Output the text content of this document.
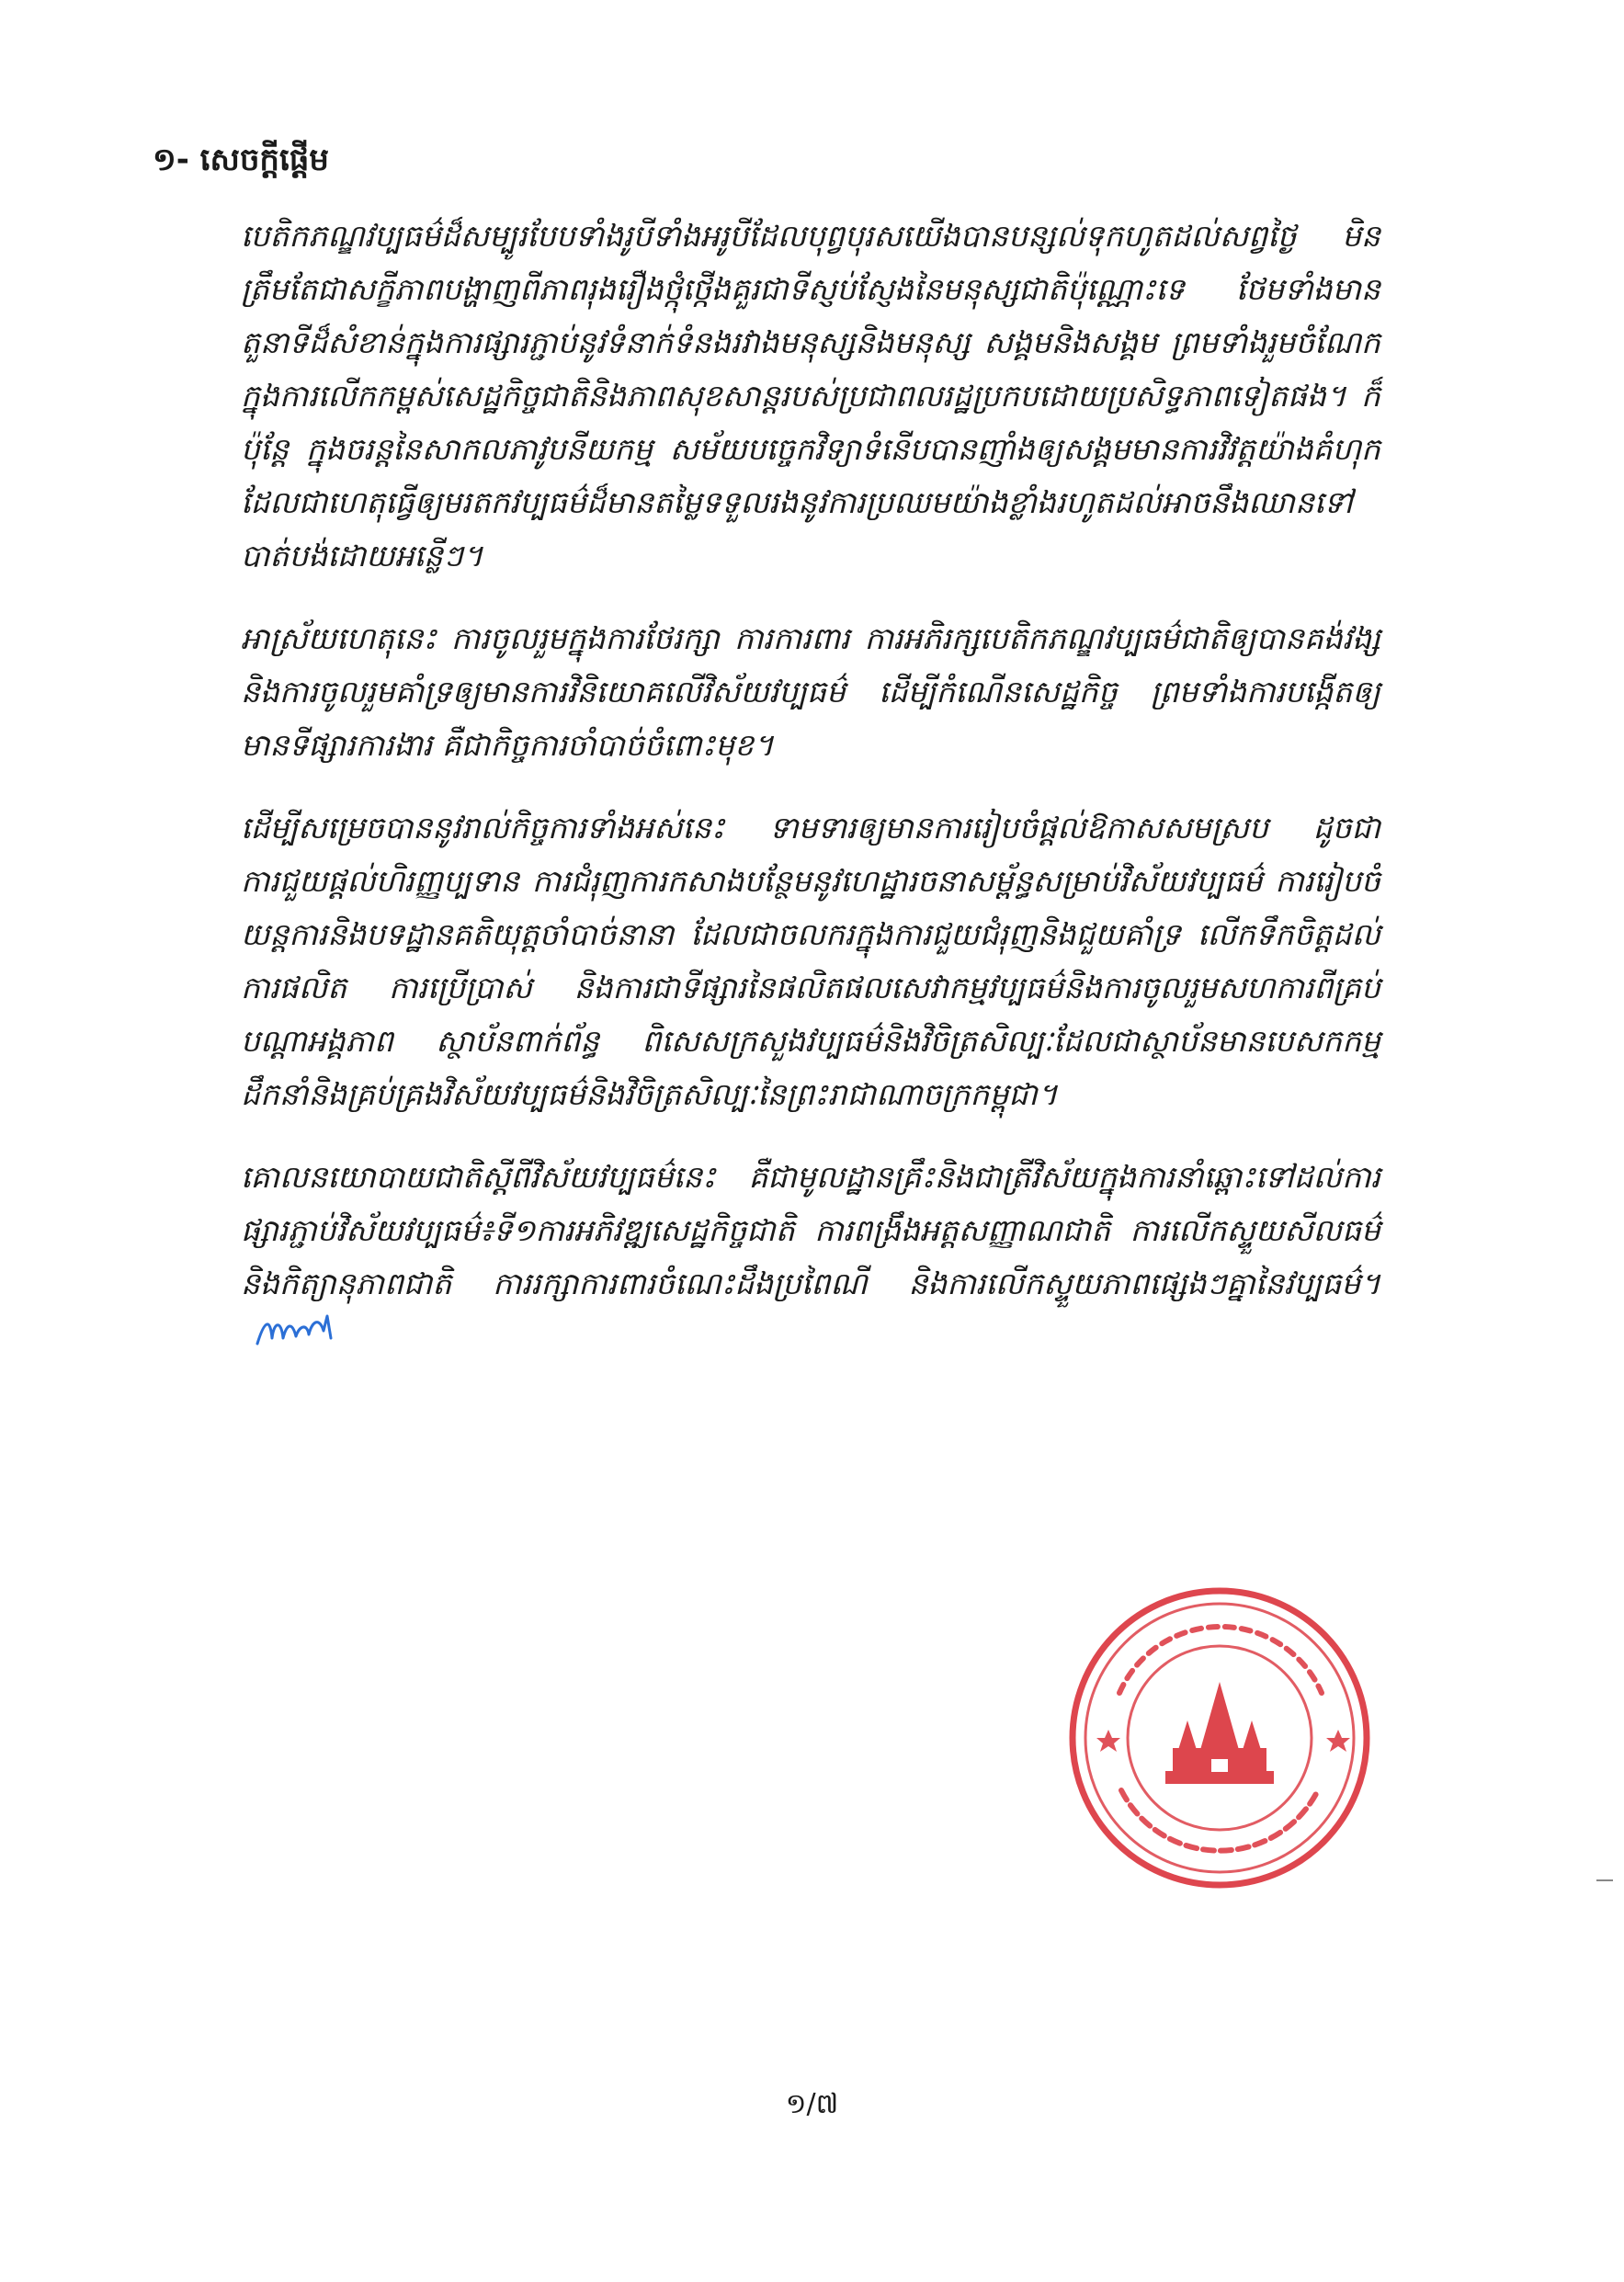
១- សេចក្តីផ្តើម

បេតិកភណ្ឌវប្បធម៌ដ៏សម្បូរបែបទាំងរូបីទាំងអរូបីដែលបុព្វបុរសយើងបានបន្សល់ទុកហូតដល់សព្វថ្ងៃ មិនត្រឹមតែជាសក្ខីភាពបង្ហាញពីភាពរុងរឿងថ្កុំថ្កើងគួរជាទីស្ញប់ស្ញែងនៃមនុស្សជាតិប៉ុណ្ណោះទេ ថែមទាំងមានតួនាទីដ៏សំខាន់ក្នុងការផ្សារភ្ជាប់នូវទំនាក់ទំនងរវាងមនុស្សនិងមនុស្ស សង្គមនិងសង្គម ព្រមទាំងរួមចំណែកក្នុងការលើកកម្ពស់សេដ្ឋកិច្ចជាតិនិងភាពសុខសាន្តរបស់ប្រជាពលរដ្ឋប្រកបដោយប្រសិទ្ធភាពទៀតផង។ ក៏ប៉ុន្តែ ក្នុងចរន្តនៃសាកលភាវូបនីយកម្ម សម័យបច្ចេកវិទ្យាទំនើបបានញាំងឲ្យសង្គមមានការវិវត្តយ៉ាងគំហុក ដែលជាហេតុធ្វើឲ្យមរតកវប្បធម៌ដ៏មានតម្លៃទទួលរងនូវការប្រឈមយ៉ាងខ្លាំងរហូតដល់អាចនឹងឈានទៅបាត់បង់ដោយអន្លើៗ។

អាស្រ័យហេតុនេះ ការចូលរួមក្នុងការថែរក្សា ការការពារ ការអភិរក្សបេតិកភណ្ឌវប្បធម៌ជាតិឲ្យបានគង់វង្ស និងការចូលរួមគាំទ្រឲ្យមានការវិនិយោគលើវិស័យវប្បធម៌ ដើម្បីកំណើនសេដ្ឋកិច្ច ព្រមទាំងការបង្កើតឲ្យមានទីផ្សារការងារ គឺជាកិច្ចការចាំបាច់ចំពោះមុខ។

ដើម្បីសម្រេចបាននូវរាល់កិច្ចការទាំងអស់នេះ ទាមទារឲ្យមានការរៀបចំផ្តល់ឱកាសសមស្រប ដូចជាការជួយផ្តល់ហិរញ្ញប្បទាន ការជំរុញការកសាងបន្ថែមនូវហេដ្ឋារចនាសម្ព័ន្ធសម្រាប់វិស័យវប្បធម៌ ការរៀបចំយន្តការនិងបទដ្ឋានគតិយុត្តចាំបាច់នានា ដែលជាចលករក្នុងការជួយជំរុញនិងជួយគាំទ្រ លើកទឹកចិត្តដល់ការផលិត ការប្រើប្រាស់ និងការជាទីផ្សារនៃផលិតផលសេវាកម្មវប្បធម៌និងការចូលរួមសហការពីគ្រប់បណ្តាអង្គភាព ស្ថាប័នពាក់ព័ន្ធ ពិសេសក្រសួងវប្បធម៌និងវិចិត្រសិល្បៈដែលជាស្ថាប័នមានបេសកកម្មដឹកនាំនិងគ្រប់គ្រងវិស័យវប្បធម៌និងវិចិត្រសិល្បៈនៃព្រះរាជាណាចក្រកម្ពុជា។

គោលនយោបាយជាតិស្តីពីវិស័យវប្បធម៌នេះ គឺជាមូលដ្ឋានគ្រឹះនិងជាត្រីវិស័យក្នុងការនាំឆ្ពោះទៅដល់ការផ្សារភ្ជាប់វិស័យវប្បធម៌៖ទី១ការអភិវឌ្ឍសេដ្ឋកិច្ចជាតិ ការពង្រឹងអត្តសញ្ញាណជាតិ ការលើកស្ទួយសីលធម៌និងកិត្យានុភាពជាតិ ការរក្សាការពារចំណេះដឹងប្រពៃណី និងការលើកស្ទួយភាពផ្សេងៗគ្នានៃវប្បធម៌។

១/៧
